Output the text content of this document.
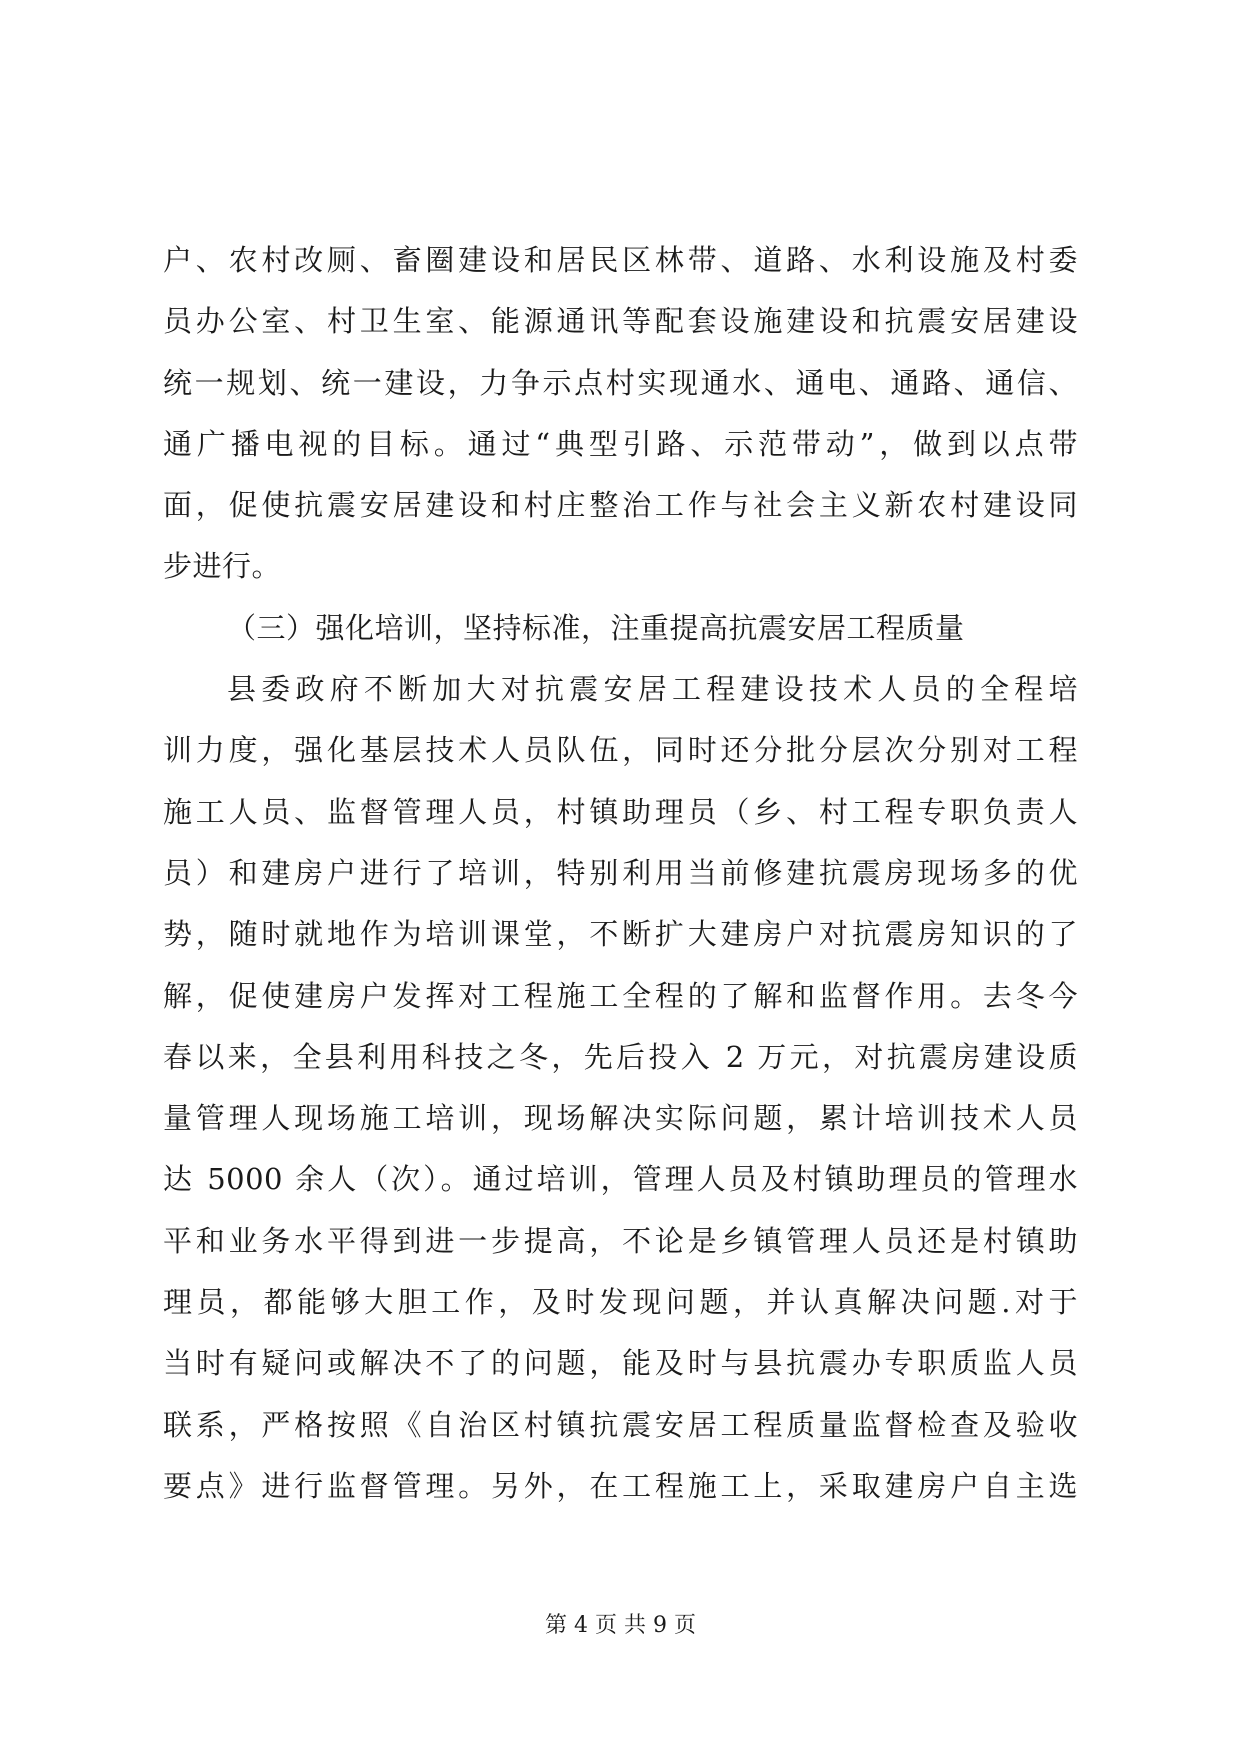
户、农村改厕、畜圈建设和居民区林带、道路、水利设施及村委
员办公室、村卫生室、能源通讯等配套设施建设和抗震安居建设
统一规划、统一建设，力争示点村实现通水、通电、通路、通信、
通广播电视的目标。通过“典型引路、示范带动”，做到以点带
面，促使抗震安居建设和村庄整治工作与社会主义新农村建设同
步进行。
（三）强化培训，坚持标准，注重提高抗震安居工程质量
县委政府不断加大对抗震安居工程建设技术人员的全程培
训力度，强化基层技术人员队伍，同时还分批分层次分别对工程
施工人员、监督管理人员，村镇助理员（乡、村工程专职负责人
员）和建房户进行了培训，特别利用当前修建抗震房现场多的优
势，随时就地作为培训课堂，不断扩大建房户对抗震房知识的了
解，促使建房户发挥对工程施工全程的了解和监督作用。去冬今
春以来，全县利用科技之冬，先后投入 2 万元，对抗震房建设质
量管理人现场施工培训，现场解决实际问题，累计培训技术人员
达 5000 余人（次）。通过培训，管理人员及村镇助理员的管理水
平和业务水平得到进一步提高，不论是乡镇管理人员还是村镇助
理员，都能够大胆工作，及时发现问题，并认真解决问题.对于
当时有疑问或解决不了的问题，能及时与县抗震办专职质监人员
联系，严格按照《自治区村镇抗震安居工程质量监督检查及验收
要点》进行监督管理。另外，在工程施工上，采取建房户自主选
第 4 页 共 9 页
